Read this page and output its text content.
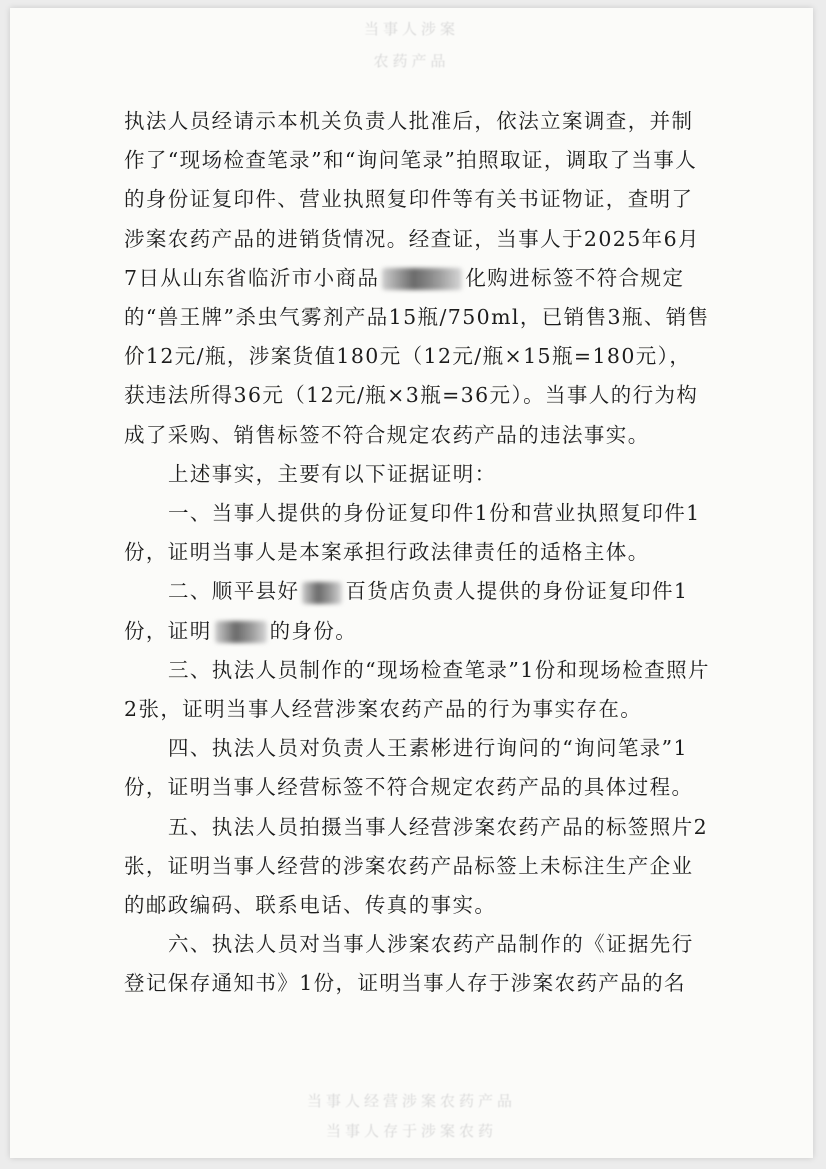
当事人涉案
农药产品

执法人员经请示本机关负责人批准后，依法立案调查，并制作了“现场检查笔录”和“询问笔录”拍照取证，调取了当事人的身份证复印件、营业执照复印件等有关书证物证，查明了涉案农药产品的进销货情况。经查证，当事人于2025年6月7日从山东省临沂市小商品	化购进标签不符合规定的“兽王牌”杀虫气雾剂产品15瓶/750ml，已销售3瓶、销售价12元/瓶，涉案货值180元（12元/瓶×15瓶=180元），获违法所得36元（12元/瓶×3瓶=36元）。当事人的行为构成了采购、销售标签不符合规定农药产品的违法事实。

上述事实，主要有以下证据证明：

一、当事人提供的身份证复印件1份和营业执照复印件1份，证明当事人是本案承担行政法律责任的适格主体。

二、顺平县好 百货店负责人提供的身份证复印件1份，证明	的身份。

三、执法人员制作的“现场检查笔录”1份和现场检查照片2张，证明当事人经营涉案农药产品的行为事实存在。

四、执法人员对负责人王素彬进行询问的“询问笔录”1份，证明当事人经营标签不符合规定农药产品的具体过程。

五、执法人员拍摄当事人经营涉案农药产品的标签照片2张，证明当事人经营的涉案农药产品标签上未标注生产企业的邮政编码、联系电话、传真的事实。

六、执法人员对当事人涉案农药产品制作的《证据先行登记保存通知书》1份，证明当事人存于涉案农药产品的名

当事人经营涉案农药产品
当事人存于涉案农药
